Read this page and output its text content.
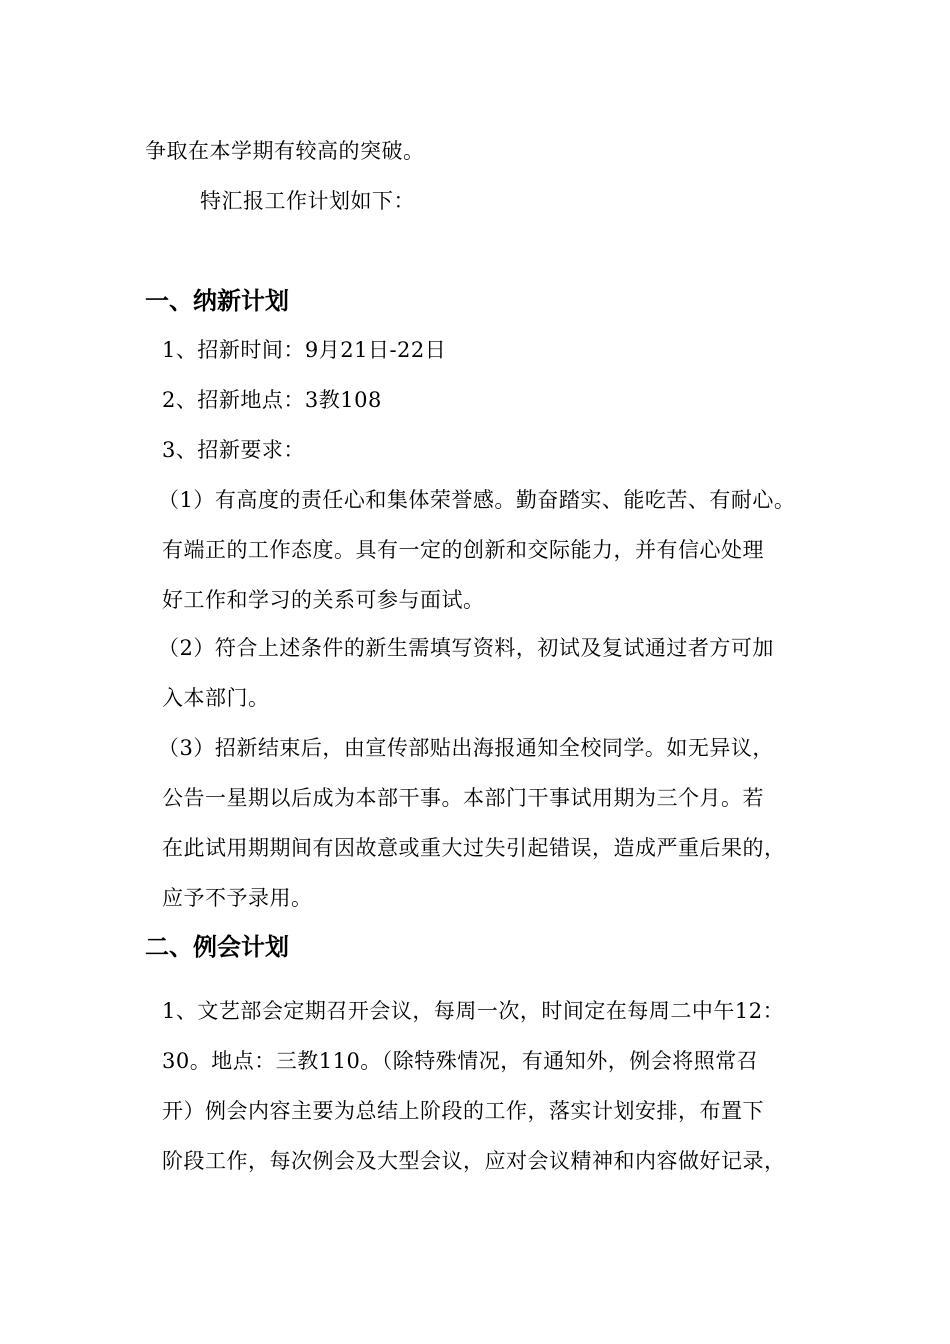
争取在本学期有较高的突破。
特汇报工作计划如下：
一、纳新计划
1、招新时间：9月21日-22日
2、招新地点：3教108
3、招新要求：
（1）有高度的责任心和集体荣誉感。勤奋踏实、能吃苦、有耐心。
有端正的工作态度。具有一定的创新和交际能力，并有信心处理
好工作和学习的关系可参与面试。
（2）符合上述条件的新生需填写资料，初试及复试通过者方可加
入本部门。
（3）招新结束后，由宣传部贴出海报通知全校同学。如无异议，
公告一星期以后成为本部干事。本部门干事试用期为三个月。若
在此试用期期间有因故意或重大过失引起错误，造成严重后果的，
应予不予录用。
二、例会计划
1、文艺部会定期召开会议，每周一次，时间定在每周二中午12：
30。地点：三教110。（除特殊情况，有通知外，例会将照常召
开）例会内容主要为总结上阶段的工作，落实计划安排，布置下
阶段工作，每次例会及大型会议，应对会议精神和内容做好记录，
